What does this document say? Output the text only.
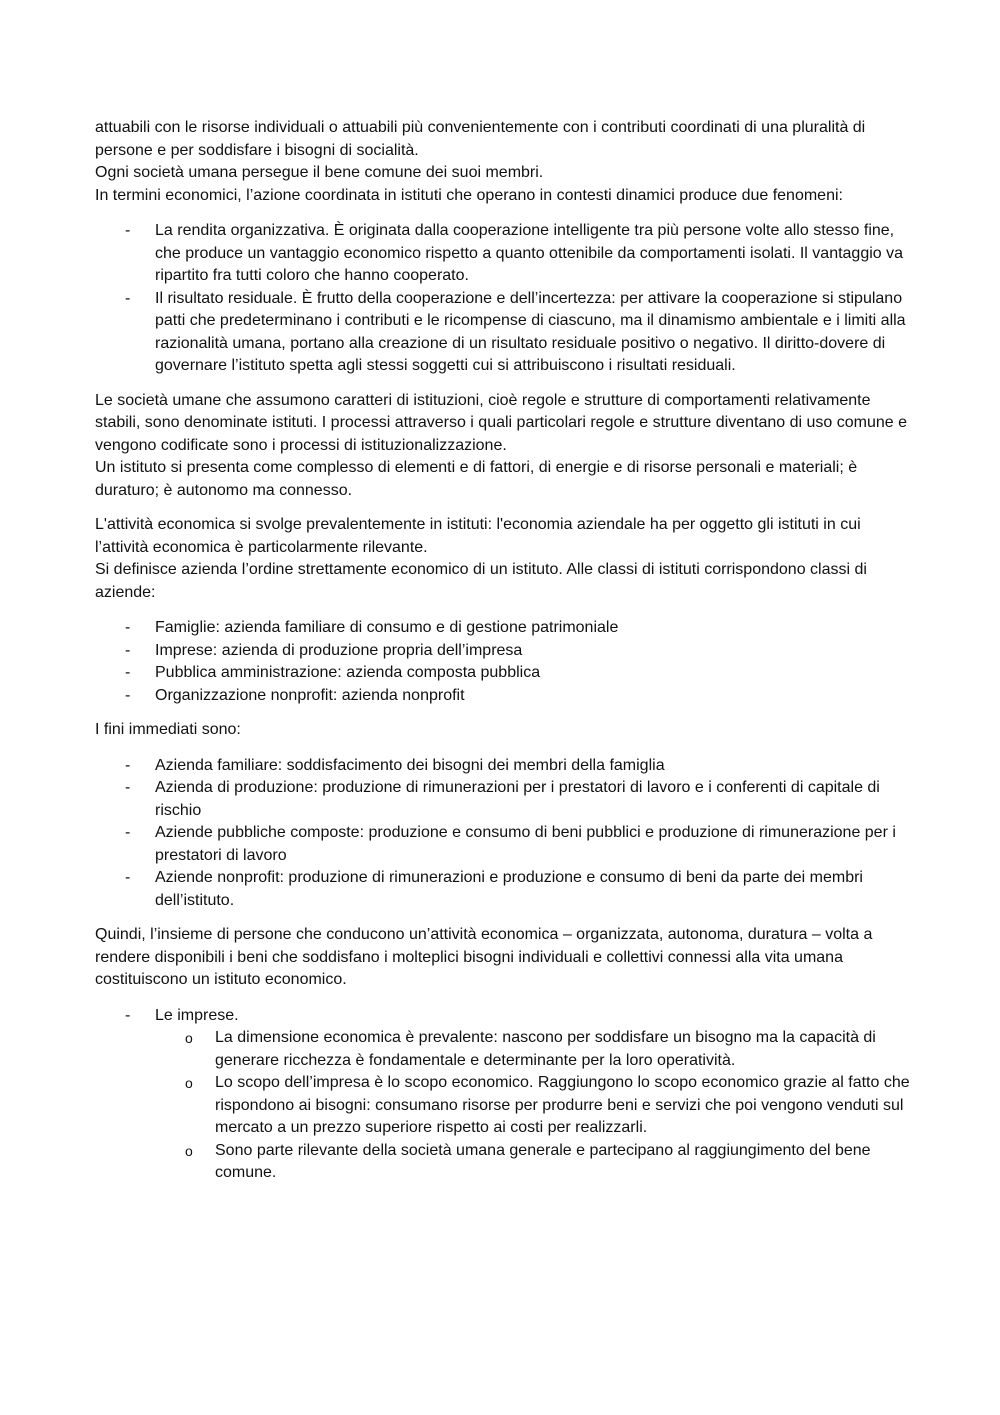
attuabili con le risorse individuali o attuabili più convenientemente con i contributi coordinati di una pluralità di persone e per soddisfare i bisogni di socialità.

Ogni società umana persegue il bene comune dei suoi membri.

In termini economici, l’azione coordinata in istituti che operano in contesti dinamici produce due fenomeni:

- La rendita organizzativa. È originata dalla cooperazione intelligente tra più persone volte allo stesso fine, che produce un vantaggio economico rispetto a quanto ottenibile da comportamenti isolati. Il vantaggio va ripartito fra tutti coloro che hanno cooperato.
- Il risultato residuale. È frutto della cooperazione e dell’incertezza: per attivare la cooperazione si stipulano patti che predeterminano i contributi e le ricompense di ciascuno, ma il dinamismo ambientale e i limiti alla razionalità umana, portano alla creazione di un risultato residuale positivo o negativo. Il diritto-dovere di governare l’istituto spetta agli stessi soggetti cui si attribuiscono i risultati residuali.

Le società umane che assumono caratteri di istituzioni, cioè regole e strutture di comportamenti relativamente stabili, sono denominate istituti. I processi attraverso i quali particolari regole e strutture diventano di uso comune e vengono codificate sono i processi di istituzionalizzazione.

Un istituto si presenta come complesso di elementi e di fattori, di energie e di risorse personali e materiali; è duraturo; è autonomo ma connesso.

L'attività economica si svolge prevalentemente in istituti: l'economia aziendale ha per oggetto gli istituti in cui l’attività economica è particolarmente rilevante.

Si definisce azienda l’ordine strettamente economico di un istituto. Alle classi di istituti corrispondono classi di aziende:

- Famiglie: azienda familiare di consumo e di gestione patrimoniale
- Imprese: azienda di produzione propria dell’impresa
- Pubblica amministrazione: azienda composta pubblica
- Organizzazione nonprofit: azienda nonprofit

I fini immediati sono:

- Azienda familiare: soddisfacimento dei bisogni dei membri della famiglia
- Azienda di produzione: produzione di rimunerazioni per i prestatori di lavoro e i conferenti di capitale di rischio
- Aziende pubbliche composte: produzione e consumo di beni pubblici e produzione di rimunerazione per i prestatori di lavoro
- Aziende nonprofit: produzione di rimunerazioni e produzione e consumo di beni da parte dei membri dell’istituto.

Quindi, l’insieme di persone che conducono un’attività economica – organizzata, autonoma, duratura – volta a rendere disponibili i beni che soddisfano i molteplici bisogni individuali e collettivi connessi alla vita umana costituiscono un istituto economico.

- Le imprese.
o La dimensione economica è prevalente: nascono per soddisfare un bisogno ma la capacità di generare ricchezza è fondamentale e determinante per la loro operatività.
o Lo scopo dell’impresa è lo scopo economico. Raggiungono lo scopo economico grazie al fatto che rispondono ai bisogni: consumano risorse per produrre beni e servizi che poi vengono venduti sul mercato a un prezzo superiore rispetto ai costi per realizzarli.
o Sono parte rilevante della società umana generale e partecipano al raggiungimento del bene comune.
